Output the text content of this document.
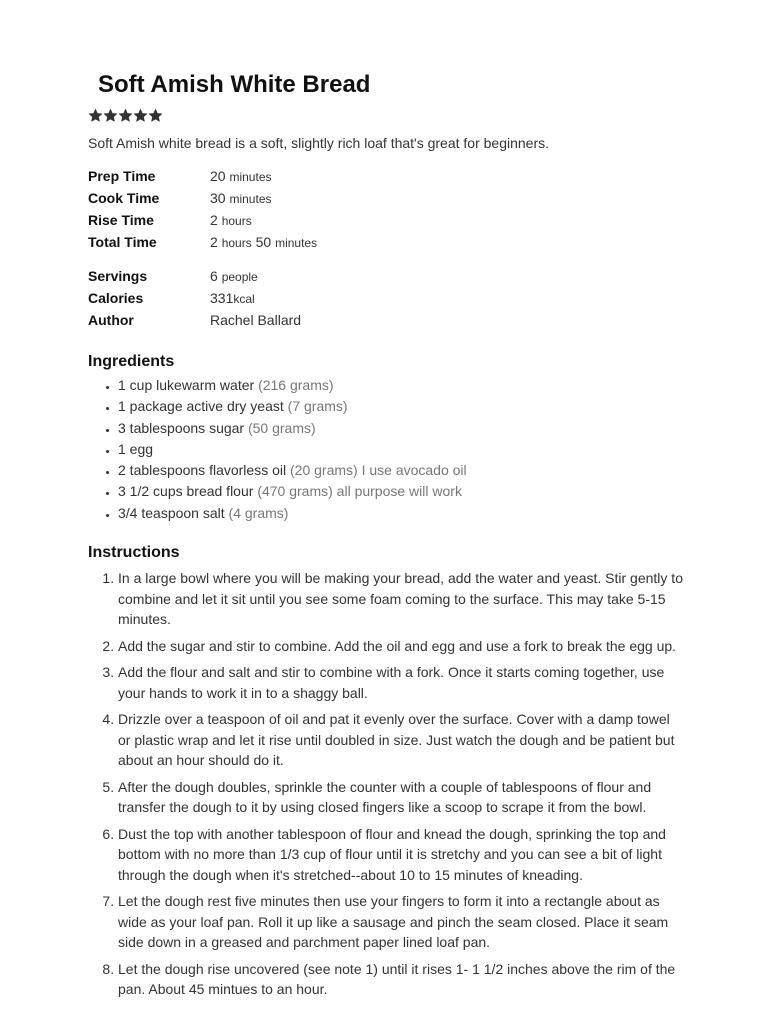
Soft Amish White Bread

Soft Amish white bread is a soft, slightly rich loaf that's great for beginners.

Prep Time	20 minutes
Cook Time	30 minutes
Rise Time	2 hours
Total Time	2 hours 50 minutes
Servings	6 people
Calories	331kcal
Author	Rachel Ballard
Ingredients
• 1 cup lukewarm water (216 grams)
• 1 package active dry yeast (7 grams)
• 3 tablespoons sugar (50 grams)
• 1 egg
• 2 tablespoons flavorless oil (20 grams) I use avocado oil
• 3 1/2 cups bread flour (470 grams) all purpose will work
• 3/4 teaspoon salt (4 grams)
Instructions
1. In a large bowl where you will be making your bread, add the water and yeast. Stir gently to combine and let it sit until you see some foam coming to the surface. This may take 5-15 minutes.
2. Add the sugar and stir to combine. Add the oil and egg and use a fork to break the egg up.
3. Add the flour and salt and stir to combine with a fork. Once it starts coming together, use your hands to work it in to a shaggy ball.
4. Drizzle over a teaspoon of oil and pat it evenly over the surface. Cover with a damp towel or plastic wrap and let it rise until doubled in size. Just watch the dough and be patient but about an hour should do it.
5. After the dough doubles, sprinkle the counter with a couple of tablespoons of flour and transfer the dough to it by using closed fingers like a scoop to scrape it from the bowl.
6. Dust the top with another tablespoon of flour and knead the dough, sprinking the top and bottom with no more than 1/3 cup of flour until it is stretchy and you can see a bit of light through the dough when it's stretched--about 10 to 15 minutes of kneading.
7. Let the dough rest five minutes then use your fingers to form it into a rectangle about as wide as your loaf pan. Roll it up like a sausage and pinch the seam closed. Place it seam side down in a greased and parchment paper lined loaf pan.
8. Let the dough rise uncovered (see note 1) until it rises 1- 1 1/2 inches above the rim of the pan. About 45 mintues to an hour.
